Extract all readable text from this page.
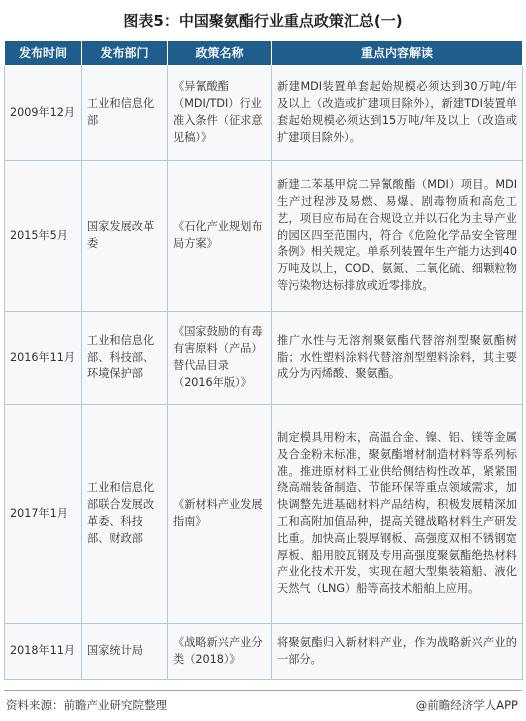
图表5：中国聚氨酯行业重点政策汇总(一)
发布时间	发布部门	政策名称	重点内容解读
2009年12月	工业和信息化部	《异氰酸酯（MDI/TDI）行业准入条件（征求意见稿）》	新建MDI装置单套起始规模必须达到30万吨/年及以上（改造或扩建项目除外），新建TDI装置单套起始规模必须达到15万吨/年及以上（改造或扩建项目除外）。
2015年5月	国家发展改革委	《石化产业规划布局方案》	新建二苯基甲烷二异氰酸酯（MDI）项目。MDI生产过程涉及易燃、易爆、剧毒物质和高危工艺，项目应布局在合规设立并以石化为主导产业的园区四至范围内，符合《危险化学品安全管理条例》相关规定。单系列装置年生产能力达到40万吨及以上，COD、氨氮、二氧化硫、细颗粒物等污染物达标排放或近零排放。
2016年11月	工业和信息化部、科技部、环境保护部	《国家鼓励的有毒有害原料（产品）替代品目录（2016年版）》	推广水性与无溶剂聚氨酯代替溶剂型聚氨酯树脂；水性塑料涂料代替溶剂型塑料涂料，其主要成分为丙烯酸、聚氨酯。
2017年1月	工业和信息化部联合发展改革委、科技部、财政部	《新材料产业发展指南》	制定模具用粉末，高温合金、镍、铝、镁等金属及合金粉末标准，聚氨酯增材制造材料等系列标准。推进原材料工业供给侧结构性改革，紧紧围绕高端装备制造、节能环保等重点领域需求，加快调整先进基础材料产品结构，积极发展精深加工和高附加值品种，提高关键战略材料生产研发比重。加快高止裂厚钢板、高强度双相不锈钢宽厚板、船用胶瓦钢及专用高强度聚氨酯绝热材料产业化技术开发，实现在超大型集装箱船、液化天然气（LNG）船等高技术船舶上应用。
2018年11月	国家统计局	《战略新兴产业分类（2018）》	将聚氨酯归入新材料产业，作为战略新兴产业的一部分。
资料来源：前瞻产业研究院整理	@前瞻经济学人APP
